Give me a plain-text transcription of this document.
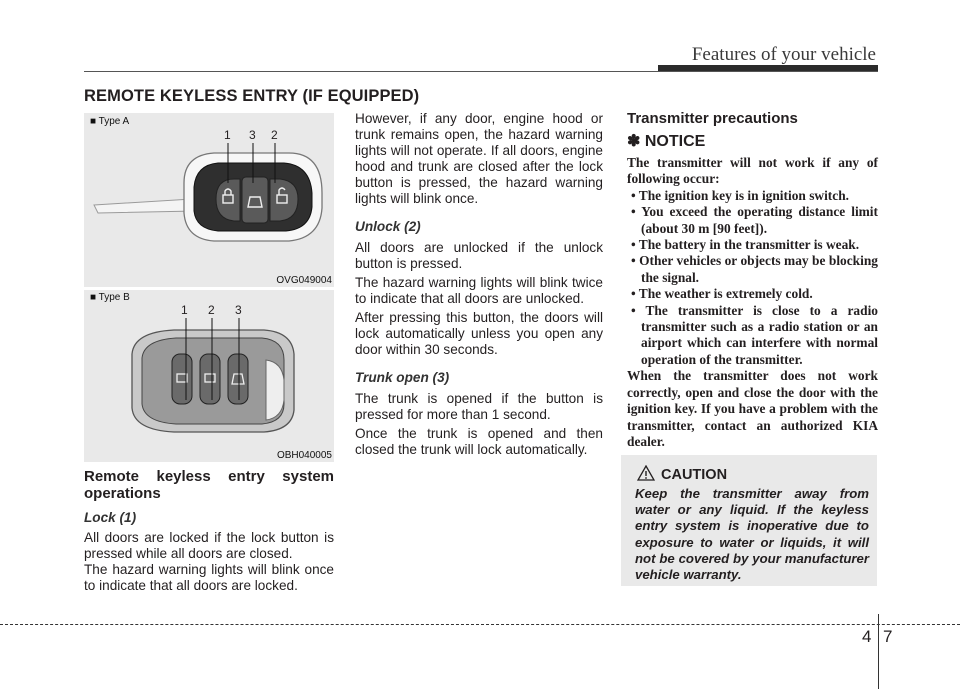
Features of your vehicle
REMOTE KEYLESS ENTRY (IF EQUIPPED)
■ Type A
1 3 2
OVG049004
■ Type B
1 2 3
OBH040005

Remote keyless entry system operations

Lock (1)

All doors are locked if the lock button is pressed while all doors are closed.

The hazard warning lights will blink once to indicate that all doors are locked.

However, if any door, engine hood or trunk remains open, the hazard warning lights will not operate. If all doors, engine hood and trunk are closed after the lock button is pressed, the hazard warning lights will blink once.

Unlock (2)

All doors are unlocked if the unlock button is pressed.

The hazard warning lights will blink twice to indicate that all doors are unlocked.

After pressing this button, the doors will lock automatically unless you open any door within 30 seconds.

Trunk open (3)

The trunk is opened if the button is pressed for more than 1 second.

Once the trunk is opened and then closed the trunk will lock automatically.

Transmitter precautions
✽ NOTICE
The transmitter will not work if any of following occur:
• The ignition key is in ignition switch.
• You exceed the operating distance limit (about 30 m [90 feet]).
• The battery in the transmitter is weak.
• Other vehicles or objects may be blocking the signal.
• The weather is extremely cold.
• The transmitter is close to a radio transmitter such as a radio station or an airport which can interfere with normal operation of the transmitter.
When the transmitter does not work correctly, open and close the door with the ignition key. If you have a problem with the transmitter, contact an authorized KIA dealer.
CAUTION
Keep the transmitter away from water or any liquid. If the keyless entry system is inoperative due to exposure to water or liquids, it will not be covered by your manufacturer vehicle warranty.
4 7
